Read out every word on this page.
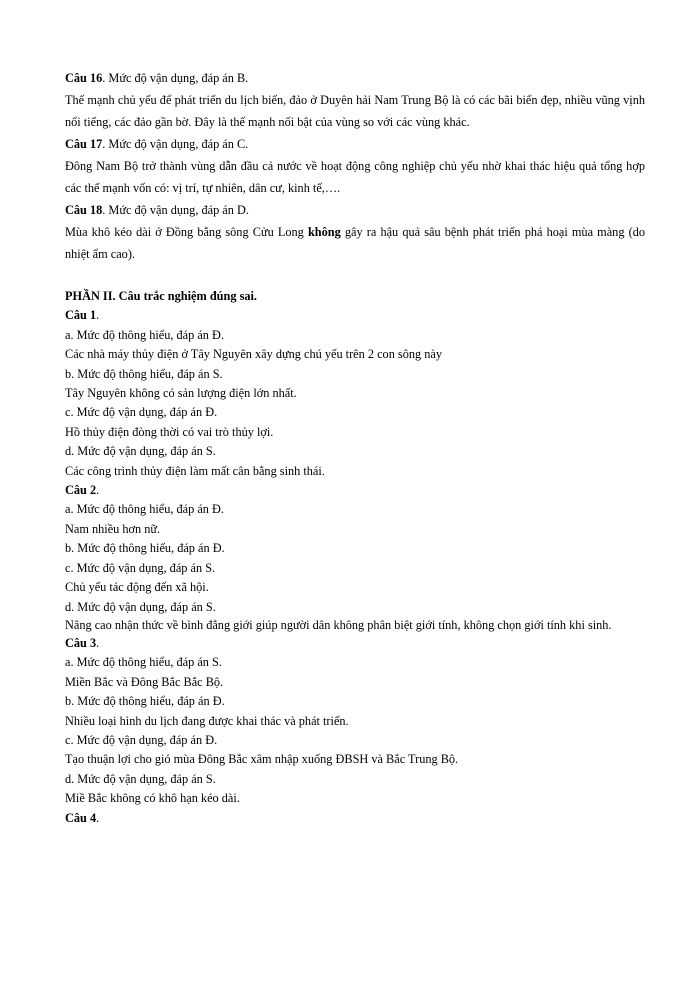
Câu 16. Mức độ vận dụng, đáp án B.
Thế mạnh chủ yếu để phát triển du lịch biển, đảo ở Duyên hải Nam Trung Bộ là có các bãi biển đẹp, nhiều vũng vịnh nổi tiếng, các đảo gần bờ. Đây là thế mạnh nổi bật của vùng so với các vùng khác.
Câu 17. Mức độ vận dụng, đáp án C.
Đông Nam Bộ trở thành vùng dẫn đầu cả nước về hoạt động công nghiệp chủ yếu nhờ khai thác hiệu quả tổng hợp các thế mạnh vốn có: vị trí, tự nhiên, dân cư, kinh tế,….
Câu 18. Mức độ vận dụng, đáp án D.
Mùa khô kéo dài ở Đồng bằng sông Cửu Long không gây ra hậu quả sâu bệnh phát triển phá hoại mùa màng (do nhiệt ẩm cao).
PHẦN II. Câu trắc nghiệm đúng sai.
Câu 1.
a. Mức độ thông hiểu, đáp án Đ.
Các nhà máy thủy điện ở Tây Nguyên xây dựng chú yếu trên 2 con sông này
b. Mức độ thông hiểu, đáp án S.
Tây Nguyên không có sản lượng điện lớn nhất.
c. Mức độ vận dụng, đáp án Đ.
Hồ thủy điện đòng thời có vai trò thủy lợi.
d. Mức độ vận dụng, đáp án S.
Các công trình thủy điện làm mất cân bằng sinh thái.
Câu 2.
a. Mức độ thông hiểu, đáp án Đ.
Nam nhiều hơn nữ.
b. Mức độ thông hiểu, đáp án Đ.
c. Mức độ vận dụng, đáp án S.
Chủ yếu tác động đến xã hội.
d. Mức độ vận dụng, đáp án S.
Nâng cao nhận thức về bình đẳng giới giúp người dân không phân biệt giới tính, không chọn giới tính khi sinh.
Câu 3.
a. Mức độ thông hiểu, đáp án S.
Miền Bắc và Đông Bắc Bắc Bộ.
b. Mức độ thông hiểu, đáp án Đ.
Nhiều loại hình du lịch đang được khai thác và phát triển.
c. Mức độ vận dụng, đáp án Đ.
Tạo thuận lợi cho gió mùa Đông Bắc xâm nhập xuống ĐBSH và Bắc Trung Bộ.
d. Mức độ vận dụng, đáp án S.
Miề Bắc không có khô hạn kéo dài.
Câu 4.
